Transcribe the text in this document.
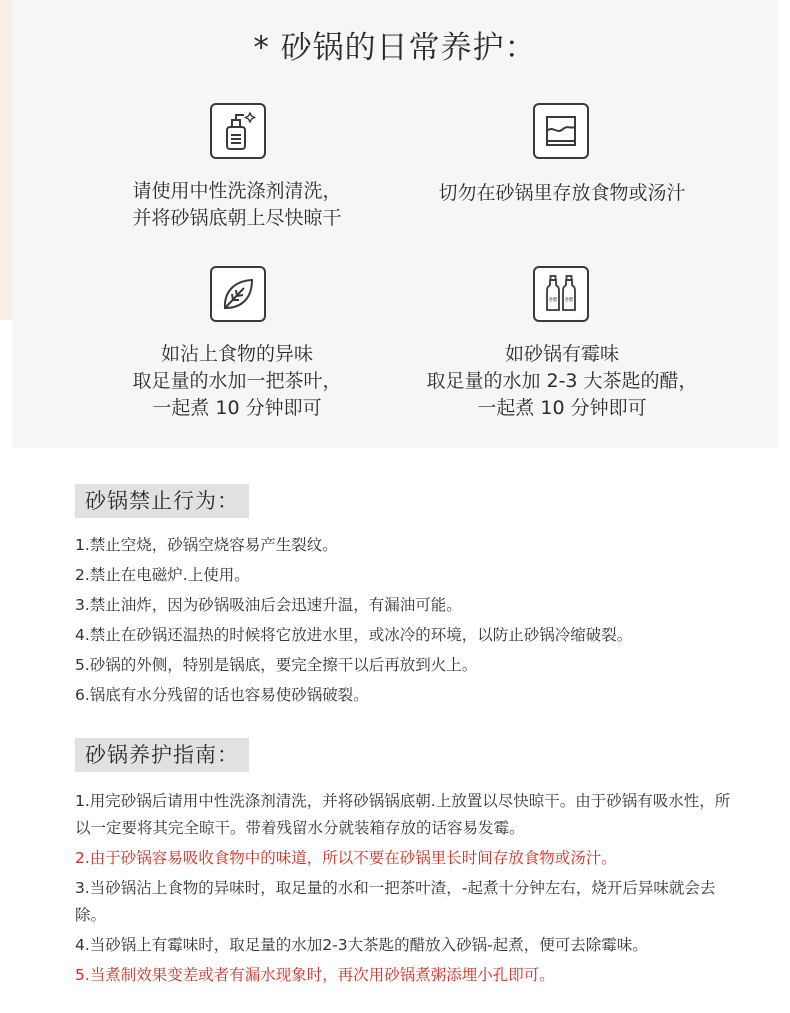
* 砂锅的日常养护：
请使用中性洗涤剂清洗，
并将砂锅底朝上尽快晾干
切勿在砂锅里存放食物或汤汁
如沾上食物的异味
取足量的水加一把茶叶，
一起煮 10 分钟即可
香醋 香醋
如砂锅有霉味
取足量的水加 2-3 大茶匙的醋，
一起煮 10 分钟即可
砂锅禁止行为：
1.禁止空烧，砂锅空烧容易产生裂纹。
2.禁止在电磁炉.上使用。
3.禁止油炸，因为砂锅吸油后会迅速升温，有漏油可能。
4.禁止在砂锅还温热的时候将它放进水里，或冰冷的环境，以防止砂锅冷缩破裂。
5.砂锅的外侧，特别是锅底，要完全擦干以后再放到火上。
6.锅底有水分残留的话也容易使砂锅破裂。
砂锅养护指南：
1.用完砂锅后请用中性洗涤剂清洗，并将砂锅锅底朝.上放置以尽快晾干。由于砂锅有吸水性，所以一定要将其完全晾干。带着残留水分就装箱存放的话容易发霉。
2.由于砂锅容易吸收食物中的味道，所以不要在砂锅里长时间存放食物或汤汁。
3.当砂锅沾上食物的异味时，取足量的水和一把茶叶渣，-起煮十分钟左右，烧开后异味就会去除。
4.当砂锅上有霉味时，取足量的水加2-3大茶匙的醋放入砂锅-起煮，便可去除霉味。
5.当煮制效果变差或者有漏水现象时，再次用砂锅煮粥添埋小孔即可。
